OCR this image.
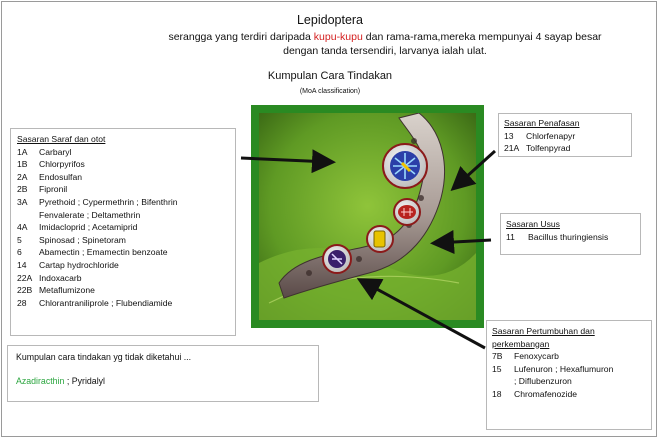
Lepidoptera
serangga yang terdiri daripada kupu-kupu dan rama-rama,mereka mempunyai 4 sayap besar dengan tanda tersendiri, larvanya ialah ulat.
Kumpulan Cara Tindakan
(MoA classification)
Sasaran Saraf dan otot
1A	Carbaryl
1B	Chlorpyrifos
2A	Endosulfan
2B	Fipronil
3A	Pyrethoid ; Cypermethrin ; Bifenthrin
Fenvalerate ; Deltamethrin
4A	Imidacloprid ; Acetamiprid
5	Spinosad ; Spinetoram
6	Abamectin ; Emamectin benzoate
14	Cartap hydrochloride
22A Indoxacarb
22B Metaflumizone
28	Chlorantraniliprole ; Flubendiamide
Sasaran Penafasan
13	Chlorfenapyr
21A Tolfenpyrad
Sasaran Usus
11	Bacillus thuringiensis
Sasaran Pertumbuhan dan
perkembangan
7B	Fenoxycarb
15	Lufenuron ; Hexaflumuron
; Diflubenzuron
18	Chromafenozide
Kumpulan cara tindakan yg tidak diketahui ...
Azadiracthin ; Pyridalyl
